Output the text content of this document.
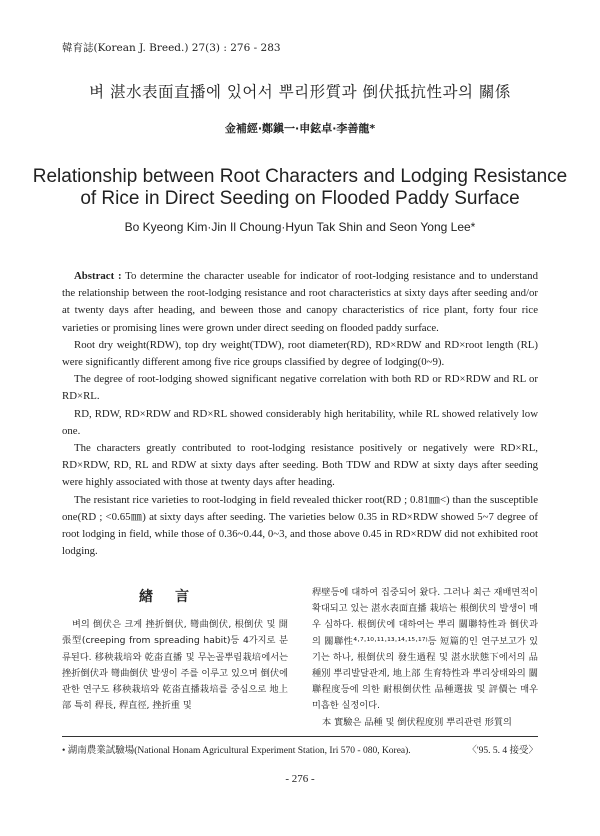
韓育誌(Korean J. Breed.) 27(3) : 276 - 283
벼 湛水表面直播에 있어서 뿌리形質과 倒伏抵抗性과의 關係
金補經·鄭鎭一·申鉉卓·李善龍*
Relationship between Root Characters and Lodging Resistance
of Rice in Direct Seeding on Flooded Paddy Surface
Bo Kyeong Kim·Jin Il Choung·Hyun Tak Shin and Seon Yong Lee*

Abstract : To determine the character useable for indicator of root-lodging resistance and to understand the relationship between the root-lodging resistance and root characteristics at sixty days after seeding and/or at twenty days after heading, and beween those and canopy characteristics of rice plant, forty four rice varieties or promising lines were grown under direct seeding on flooded paddy surface.

Root dry weight(RDW), top dry weight(TDW), root diameter(RD), RD×RDW and RD×root length (RL) were significantly different among five rice groups classified by degree of lodging(0~9).

The degree of root-lodging showed significant negative correlation with both RD or RD×RDW and RL or RD×RL.

RD, RDW, RD×RDW and RD×RL showed considerably high heritability, while RL showed relatively low one.

The characters greatly contributed to root-lodging resistance positively or negatively were RD×RL, RD×RDW, RD, RL and RDW at sixty days after seeding. Both TDW and RDW at sixty days after seeding were highly associated with those at twenty days after heading.

The resistant rice varieties to root-lodging in field revealed thicker root(RD ; 0.81㎜<) than the susceptible one(RD ; <0.65㎜) at sixty days after seeding. The varieties below 0.35 in RD×RDW showed 5~7 degree of root lodging in field, while those of 0.36~0.44, 0~3, and those above 0.45 in RD×RDW did not exhibited root lodging.

緖言

벼의 倒伏은 크게 挫折倒伏, 彎曲倒伏, 根倒伏 및 開張型(creeping from spreading habit)등 4가지로 분류된다. 移秧栽培와 乾畓直播 및 무논골뿌림栽培에서는 挫折倒伏과 彎曲倒伏 발생이 주를 이루고 있으며 倒伏에 관한 연구도 移秧栽培와 乾畓直播栽培를 중심으로 地上部 특히 稈長, 稈直徑, 挫折重 및

稈壁등에 대하여 집중되어 왔다. 그러나 최근 재배면적이 확대되고 있는 湛水表面直播 栽培는 根倒伏의 발생이 매우 심하다. 根倒伏에 대하여는 뿌리 關聯特性과 倒伏과의 關聯性⁴·⁷·¹⁰·¹¹·¹³·¹⁴·¹⁵·¹⁷⁾등 短篇的인 연구보고가 있기는 하나, 根倒伏의 發生過程 및 湛水狀態下에서의 品種別 뿌리발달관계, 地上部 生育特性과 뿌리상태와의 關聯程度등에 의한 耐根倒伏性 品種選拔 및 評價는 매우 미흡한 실정이다.

本 實驗은 品種 및 倒伏程度別 뿌리관련 形質의

• 湖南農業試驗場(National Honam Agricultural Experiment Station, Iri 570 - 080, Korea).	〈'95. 5. 4 接受〉
- 276 -
